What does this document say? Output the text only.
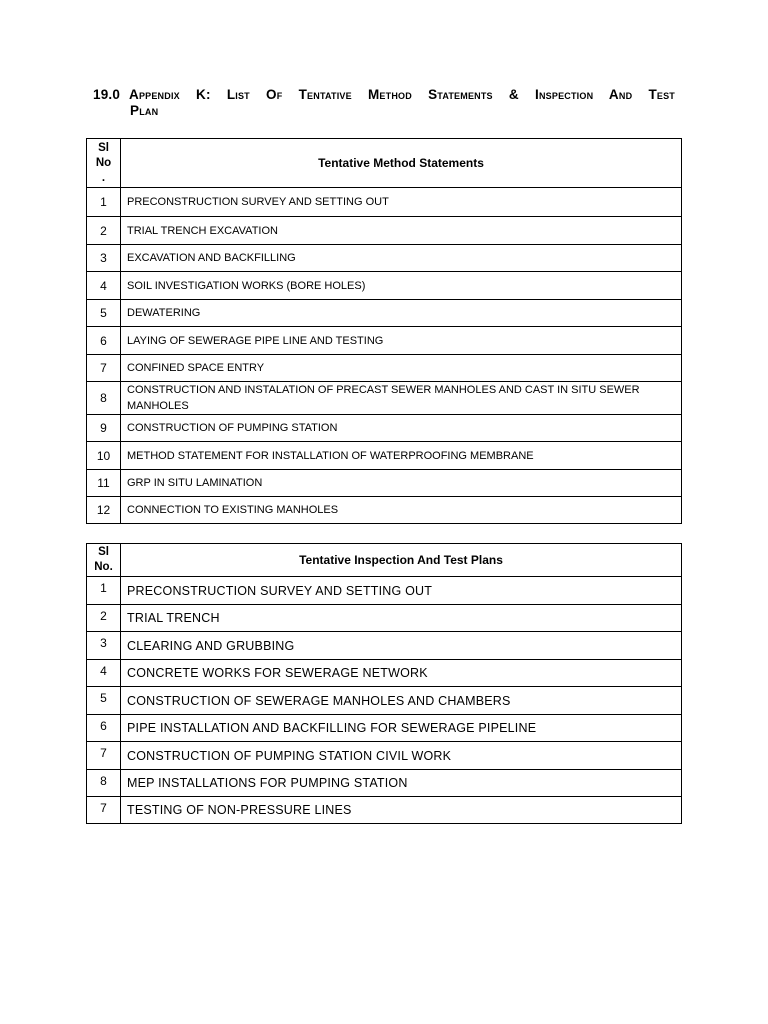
19.0 Appendix K: List Of Tentative Method Statements & Inspection And Test
Plan
Sl
No
.	Tentative Method Statements
1	PRECONSTRUCTION SURVEY AND SETTING OUT
2	TRIAL TRENCH EXCAVATION
3	EXCAVATION AND BACKFILLING
4	SOIL INVESTIGATION WORKS (BORE HOLES)
5	DEWATERING
6	LAYING OF SEWERAGE PIPE LINE AND TESTING
7	CONFINED SPACE ENTRY
8	CONSTRUCTION AND INSTALATION OF PRECAST SEWER MANHOLES AND CAST IN SITU SEWER MANHOLES
9	CONSTRUCTION OF PUMPING STATION
10	METHOD STATEMENT FOR INSTALLATION OF WATERPROOFING MEMBRANE
11	GRP IN SITU LAMINATION
12	CONNECTION TO EXISTING MANHOLES
Sl
No.	Tentative Inspection And Test Plans
1	PRECONSTRUCTION SURVEY AND SETTING OUT
2	TRIAL TRENCH
3	CLEARING AND GRUBBING
4	CONCRETE WORKS FOR SEWERAGE NETWORK
5	CONSTRUCTION OF SEWERAGE MANHOLES AND CHAMBERS
6	PIPE INSTALLATION AND BACKFILLING FOR SEWERAGE PIPELINE
7	CONSTRUCTION OF PUMPING STATION CIVIL WORK
8	MEP INSTALLATIONS FOR PUMPING STATION
7	TESTING OF NON-PRESSURE LINES
